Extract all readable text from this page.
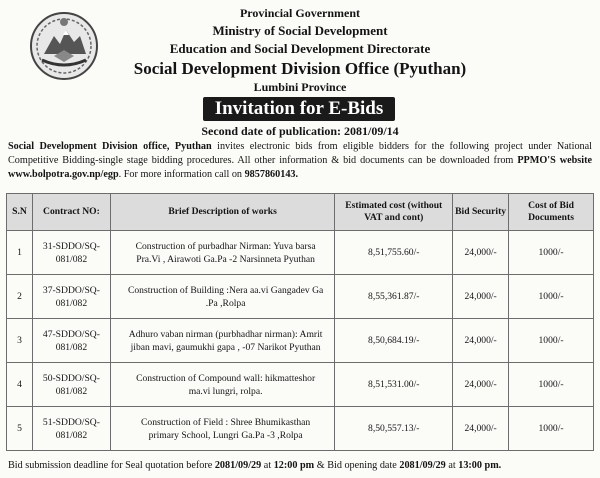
Provincial Government
Ministry of Social Development
Education and Social Development Directorate
Social Development Division Office (Pyuthan)
Lumbini Province
Invitation for E-Bids
Second date of publication: 2081/09/14
Social Development Division office, Pyuthan invites electronic bids from eligible bidders for the following project under National Competitive Bidding-single stage bidding procedures. All other information & bid documents can be downloaded from PPMO'S website www.bolpotra.gov.np/egp. For more information call on 9857860143.
S.N	Contract NO:	Brief Description of works	Estimated cost (without VAT and cont)	Bid Security	Cost of Bid Documents
1	31-SDDO/SQ-081/082	Construction of purbadhar Nirman: Yuva barsa Pra.Vi , Airawoti Ga.Pa -2 Narsinneta Pyuthan	8,51,755.60/-	24,000/-	1000/-
2	37-SDDO/SQ-081/082	Construction of Building :Nera aa.vi Gangadev Ga .Pa ,Rolpa	8,55,361.87/-	24,000/-	1000/-
3	47-SDDO/SQ-081/082	Adhuro vaban nirman (purbhadhar nirman): Amrit jiban mavi, gaumukhi gapa , -07 Narikot Pyuthan	8,50,684.19/-	24,000/-	1000/-
4	50-SDDO/SQ-081/082	Construction of Compound wall: hikmatteshor ma.vi lungri, rolpa.	8,51,531.00/-	24,000/-	1000/-
5	51-SDDO/SQ-081/082	Construction of Field : Shree Bhumikasthan primary School, Lungri Ga.Pa -3 ,Rolpa	8,50,557.13/-	24,000/-	1000/-
Bid submission deadline for Seal quotation before 2081/09/29 at 12:00 pm & Bid opening date 2081/09/29 at 13:00 pm.
